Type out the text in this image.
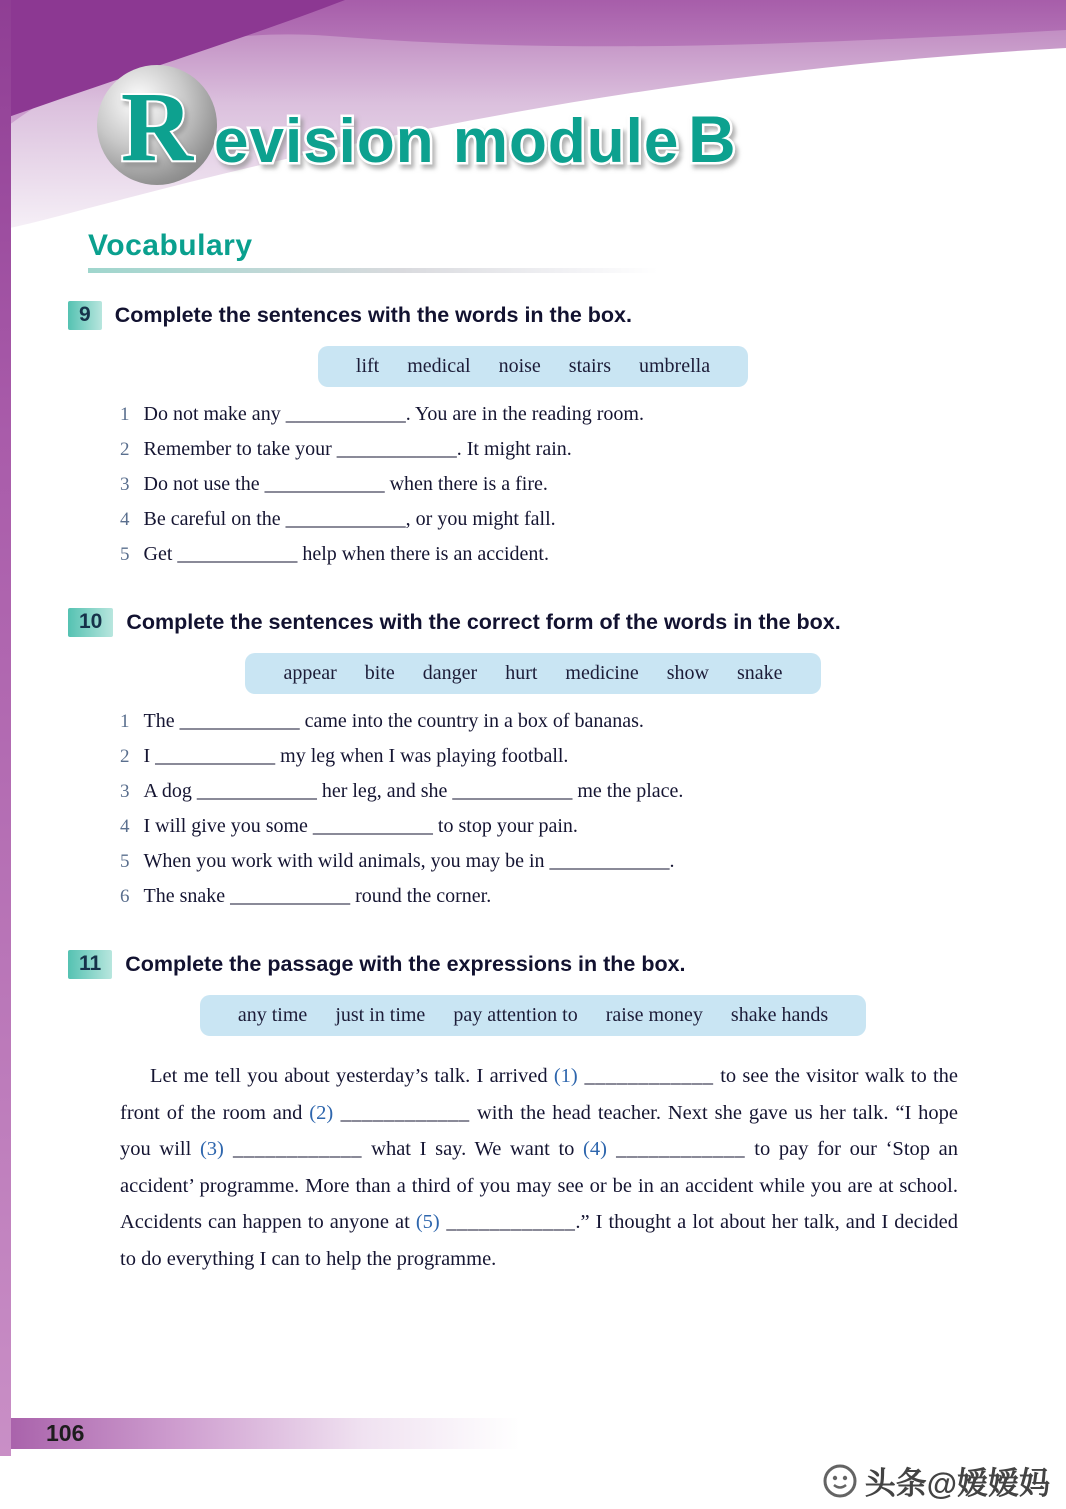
R evision module B
Vocabulary
9	Complete the sentences with the words in the box.
lift medical noise stairs umbrella
1 Do not make any ____________. You are in the reading room.
2 Remember to take your ____________. It might rain.
3 Do not use the ____________ when there is a fire.
4 Be careful on the ____________, or you might fall.
5 Get ____________ help when there is an accident.
10	Complete the sentences with the correct form of the words in the box.
appear bite danger hurt medicine show snake
1 The ____________ came into the country in a box of bananas.
2 I ____________ my leg when I was playing football.
3 A dog ____________ her leg, and she ____________ me the place.
4 I will give you some ____________ to stop your pain.
5 When you work with wild animals, you may be in ____________.
6 The snake ____________ round the corner.
11	Complete the passage with the expressions in the box.
any time just in time pay attention to raise money shake hands
Let me tell you about yesterday’s talk. I arrived (1) ____________ to see the visitor walk to the front of the room and (2) ____________ with the head teacher. Next she gave us her talk. “I hope you will (3) ____________ what I say. We want to (4) ____________ to pay for our ‘Stop an accident’ programme. More than a third of you may see or be in an accident while you are at school. Accidents can happen to anyone at (5) ____________.” I thought a lot about her talk, and I decided to do everything I can to help the programme.
106
头条@嫒嫒妈
